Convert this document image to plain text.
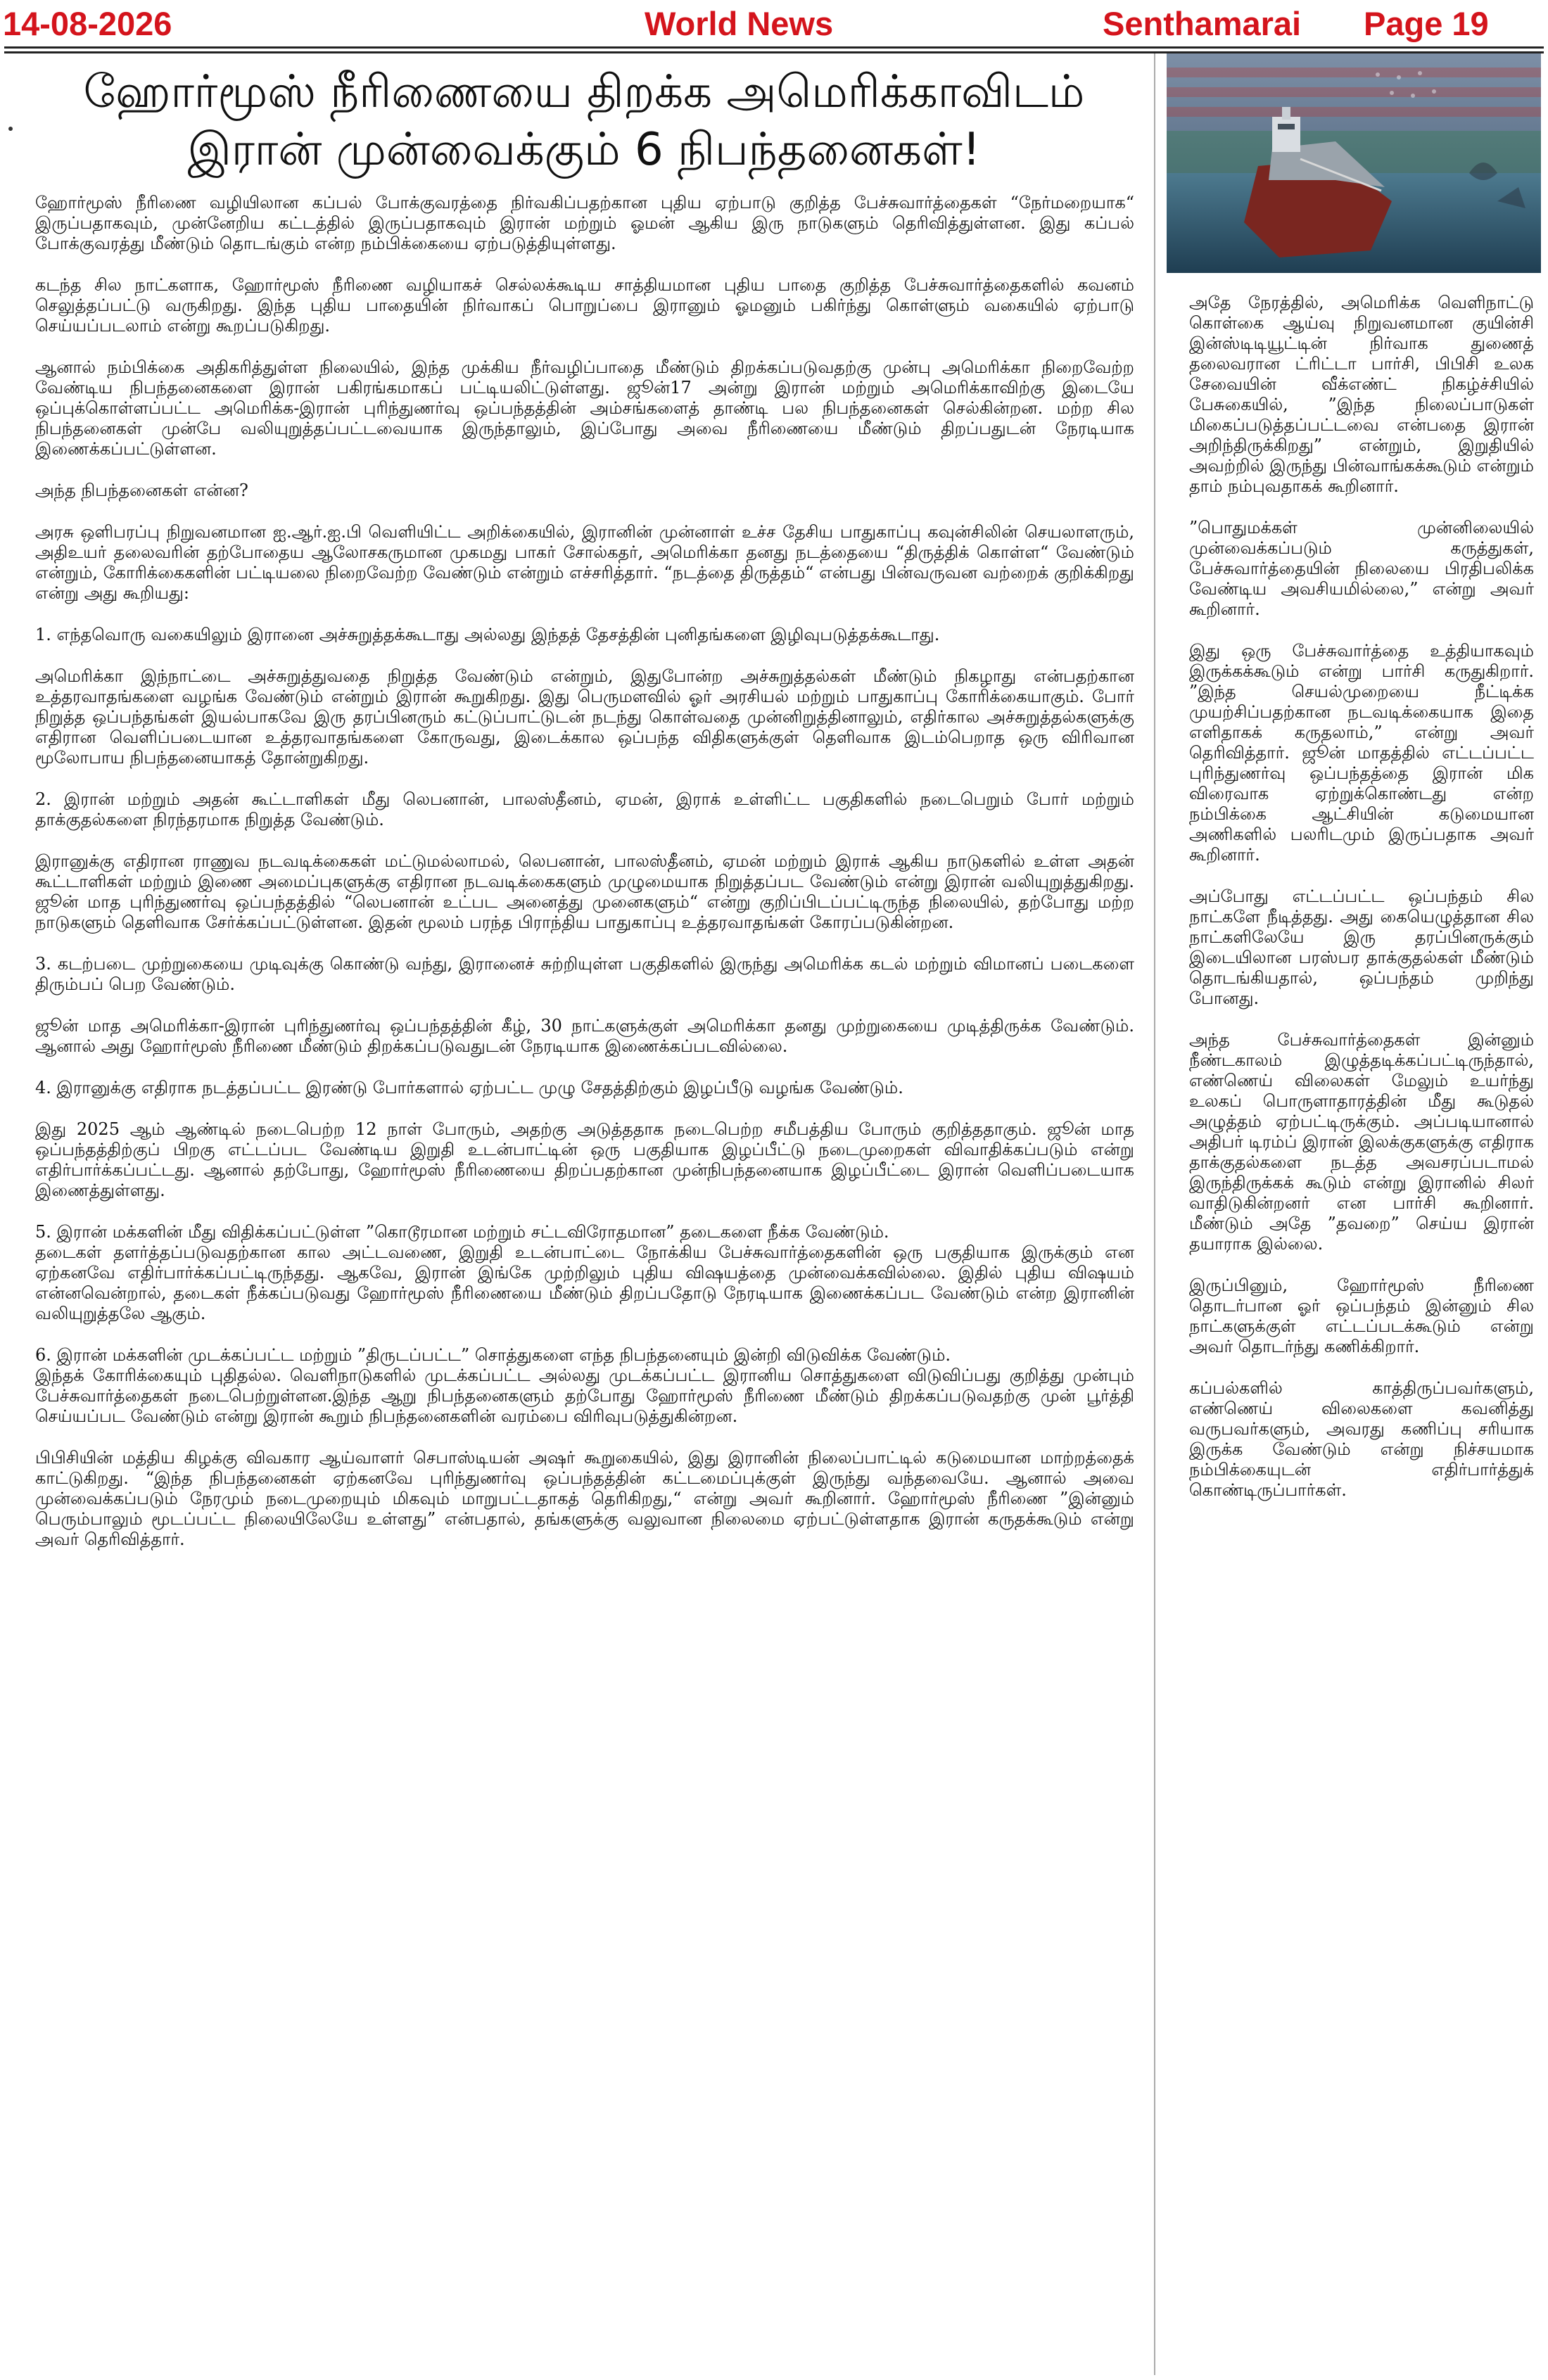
14-08-2026	World News	Senthamarai Page 19
ஹோர்மூஸ் நீரிணையை திறக்க அமெரிக்காவிடம்
இரான் முன்வைக்கும் 6 நிபந்தனைகள்!

ஹோர்மூஸ் நீரிணை வழியிலான கப்பல் போக்குவரத்தை நிர்வகிப்பதற்கான புதிய ஏற்பாடு குறித்த பேச்சுவார்த்தைகள் “நேர்மறையாக“ இருப்பதாகவும், முன்னேறிய கட்டத்தில் இருப்பதாகவும் இரான் மற்றும் ஓமன் ஆகிய இரு நாடுகளும் தெரிவித்துள்ளன. இது கப்பல் போக்குவரத்து மீண்டும் தொடங்கும் என்ற நம்பிக்கையை ஏற்படுத்தியுள்ளது.

கடந்த சில நாட்களாக, ஹோர்மூஸ் நீரிணை வழியாகச் செல்லக்கூடிய சாத்தியமான புதிய பாதை குறித்த பேச்சுவார்த்தைகளில் கவனம் செலுத்தப்பட்டு வருகிறது. இந்த புதிய பாதையின் நிர்வாகப் பொறுப்பை இரானும் ஓமனும் பகிர்ந்து கொள்ளும் வகையில் ஏற்பாடு செய்யப்படலாம் என்று கூறப்படுகிறது.

ஆனால் நம்பிக்கை அதிகரித்துள்ள நிலையில், இந்த முக்கிய நீர்வழிப்பாதை மீண்டும் திறக்கப்படுவதற்கு முன்பு அமெரிக்கா நிறைவேற்ற வேண்டிய நிபந்தனைகளை இரான் பகிரங்கமாகப் பட்டியலிட்டுள்ளது. ஜூன்17 அன்று இரான் மற்றும் அமெரிக்காவிற்கு இடையே ஒப்புக்கொள்ளப்பட்ட அமெரிக்க-இரான் புரிந்துணர்வு ஒப்பந்தத்தின் அம்சங்களைத் தாண்டி பல நிபந்தனைகள் செல்கின்றன. மற்ற சில நிபந்தனைகள் முன்பே வலியுறுத்தப்பட்டவையாக இருந்தாலும், இப்போது அவை நீரிணையை மீண்டும் திறப்பதுடன் நேரடியாக இணைக்கப்பட்டுள்ளன.

அந்த நிபந்தனைகள் என்ன?

அரசு ஒளிபரப்பு நிறுவனமான ஐ.ஆர்.ஐ.பி வெளியிட்ட அறிக்கையில், இரானின் முன்னாள் உச்ச தேசிய பாதுகாப்பு கவுன்சிலின் செயலாளரும், அதிஉயர் தலைவரின் தற்போதைய ஆலோசகருமான முகமது பாகர் சோல்கதர், அமெரிக்கா தனது நடத்தையை “திருத்திக் கொள்ள“ வேண்டும் என்றும், கோரிக்கைகளின் பட்டியலை நிறைவேற்ற வேண்டும் என்றும் எச்சரித்தார். “நடத்தை திருத்தம்“ என்பது பின்வருவன வற்றைக் குறிக்கிறது என்று அது கூறியது:

1. எந்தவொரு வகையிலும் இரானை அச்சுறுத்தக்கூடாது அல்லது இந்தத் தேசத்தின் புனிதங்களை இழிவுபடுத்தக்கூடாது.

அமெரிக்கா இந்நாட்டை அச்சுறுத்துவதை நிறுத்த வேண்டும் என்றும், இதுபோன்ற அச்சுறுத்தல்கள் மீண்டும் நிகழாது என்பதற்கான உத்தரவாதங்களை வழங்க வேண்டும் என்றும் இரான் கூறுகிறது. இது பெருமளவில் ஓர் அரசியல் மற்றும் பாதுகாப்பு கோரிக்கையாகும். போர் நிறுத்த ஒப்பந்தங்கள் இயல்பாகவே இரு தரப்பினரும் கட்டுப்பாட்டுடன் நடந்து கொள்வதை முன்னிறுத்தினாலும், எதிர்கால அச்சுறுத்தல்களுக்கு எதிரான வெளிப்படையான உத்தரவாதங்களை கோருவது, இடைக்கால ஒப்பந்த விதிகளுக்குள் தெளிவாக இடம்பெறாத ஒரு விரிவான மூலோபாய நிபந்தனையாகத் தோன்றுகிறது.

2. இரான் மற்றும் அதன் கூட்டாளிகள் மீது லெபனான், பாலஸ்தீனம், ஏமன், இராக் உள்ளிட்ட பகுதிகளில் நடைபெறும் போர் மற்றும் தாக்குதல்களை நிரந்தரமாக நிறுத்த வேண்டும்.

இரானுக்கு எதிரான ராணுவ நடவடிக்கைகள் மட்டுமல்லாமல், லெபனான், பாலஸ்தீனம், ஏமன் மற்றும் இராக் ஆகிய நாடுகளில் உள்ள அதன் கூட்டாளிகள் மற்றும் இணை அமைப்புகளுக்கு எதிரான நடவடிக்கைகளும் முழுமையாக நிறுத்தப்பட வேண்டும் என்று இரான் வலியுறுத்துகிறது. ஜூன் மாத புரிந்துணர்வு ஒப்பந்தத்தில் “லெபனான் உட்பட அனைத்து முனைகளும்“ என்று குறிப்பிடப்பட்டிருந்த நிலையில், தற்போது மற்ற நாடுகளும் தெளிவாக சேர்க்கப்பட்டுள்ளன. இதன் மூலம் பரந்த பிராந்திய பாதுகாப்பு உத்தரவாதங்கள் கோரப்படுகின்றன.

3. கடற்படை முற்றுகையை முடிவுக்கு கொண்டு வந்து, இரானைச் சுற்றியுள்ள பகுதிகளில் இருந்து அமெரிக்க கடல் மற்றும் விமானப் படைகளை திரும்பப் பெற வேண்டும்.

ஜூன் மாத அமெரிக்கா-இரான் புரிந்துணர்வு ஒப்பந்தத்தின் கீழ், 30 நாட்களுக்குள் அமெரிக்கா தனது முற்றுகையை முடித்திருக்க வேண்டும். ஆனால் அது ஹோர்மூஸ் நீரிணை மீண்டும் திறக்கப்படுவதுடன் நேரடியாக இணைக்கப்படவில்லை.

4. இரானுக்கு எதிராக நடத்தப்பட்ட இரண்டு போர்களால் ஏற்பட்ட முழு சேதத்திற்கும் இழப்பீடு வழங்க வேண்டும்.

இது 2025 ஆம் ஆண்டில் நடைபெற்ற 12 நாள் போரும், அதற்கு அடுத்ததாக நடைபெற்ற சமீபத்திய போரும் குறித்ததாகும். ஜூன் மாத ஒப்பந்தத்திற்குப் பிறகு எட்டப்பட வேண்டிய இறுதி உடன்பாட்டின் ஒரு பகுதியாக இழப்பீட்டு நடைமுறைகள் விவாதிக்கப்படும் என்று எதிர்பார்க்கப்பட்டது. ஆனால் தற்போது, ஹோர்மூஸ் நீரிணையை திறப்பதற்கான முன்நிபந்தனையாக இழப்பீட்டை இரான் வெளிப்படையாக இணைத்துள்ளது.

5. இரான் மக்களின் மீது விதிக்கப்பட்டுள்ள ”கொடூரமான மற்றும் சட்டவிரோதமான” தடைகளை நீக்க வேண்டும்.
தடைகள் தளர்த்தப்படுவதற்கான கால அட்டவணை, இறுதி உடன்பாட்டை நோக்கிய பேச்சுவார்த்தைகளின் ஒரு பகுதியாக இருக்கும் என ஏற்கனவே எதிர்பார்க்கப்பட்டிருந்தது. ஆகவே, இரான் இங்கே முற்றிலும் புதிய விஷயத்தை முன்வைக்கவில்லை. இதில் புதிய விஷயம் என்னவென்றால், தடைகள் நீக்கப்படுவது ஹோர்மூஸ் நீரிணையை மீண்டும் திறப்பதோடு நேரடியாக இணைக்கப்பட வேண்டும் என்ற இரானின் வலியுறுத்தலே ஆகும்.

6. இரான் மக்களின் முடக்கப்பட்ட மற்றும் ”திருடப்பட்ட” சொத்துகளை எந்த நிபந்தனையும் இன்றி விடுவிக்க வேண்டும்.
இந்தக் கோரிக்கையும் புதிதல்ல. வெளிநாடுகளில் முடக்கப்பட்ட அல்லது முடக்கப்பட்ட இரானிய சொத்துகளை விடுவிப்பது குறித்து முன்பும் பேச்சுவார்த்தைகள் நடைபெற்றுள்ளன.இந்த ஆறு நிபந்தனைகளும் தற்போது ஹோர்மூஸ் நீரிணை மீண்டும் திறக்கப்படுவதற்கு முன் பூர்த்தி செய்யப்பட வேண்டும் என்று இரான் கூறும் நிபந்தனைகளின் வரம்பை விரிவுபடுத்துகின்றன.

பிபிசியின் மத்திய கிழக்கு விவகார ஆய்வாளர் செபாஸ்டியன் அஷர் கூறுகையில், இது இரானின் நிலைப்பாட்டில் கடுமையான மாற்றத்தைக் காட்டுகிறது. “இந்த நிபந்தனைகள் ஏற்கனவே புரிந்துணர்வு ஒப்பந்தத்தின் கட்டமைப்புக்குள் இருந்து வந்தவையே. ஆனால் அவை முன்வைக்கப்படும் நேரமும் நடைமுறையும் மிகவும் மாறுபட்டதாகத் தெரிகிறது,“ என்று அவர் கூறினார். ஹோர்மூஸ் நீரிணை ”இன்னும் பெரும்பாலும் மூடப்பட்ட நிலையிலேயே உள்ளது” என்பதால், தங்களுக்கு வலுவான நிலைமை ஏற்பட்டுள்ளதாக இரான் கருதக்கூடும் என்று அவர் தெரிவித்தார்.

அதே நேரத்தில், அமெரிக்க வெளிநாட்டு கொள்கை ஆய்வு நிறுவனமான குயின்சி இன்ஸ்டிடியூட்டின் நிர்வாக துணைத் தலைவரான ட்ரிட்டா பார்சி, பிபிசி உலக சேவையின் வீக்எண்ட் நிகழ்ச்சியில் பேசுகையில், ”இந்த நிலைப்பாடுகள் மிகைப்படுத்தப்பட்டவை என்பதை இரான் அறிந்திருக்கிறது” என்றும், இறுதியில் அவற்றில் இருந்து பின்வாங்கக்கூடும் என்றும் தாம் நம்புவதாகக் கூறினார்.

”பொதுமக்கள் முன்னிலையில் முன்வைக்கப்படும் கருத்துகள், பேச்சுவார்த்தையின் நிலையை பிரதிபலிக்க வேண்டிய அவசியமில்லை,” என்று அவர் கூறினார்.

இது ஒரு பேச்சுவார்த்தை உத்தியாகவும் இருக்கக்கூடும் என்று பார்சி கருதுகிறார். ”இந்த செயல்முறையை நீட்டிக்க முயற்சிப்பதற்கான நடவடிக்கையாக இதை எளிதாகக் கருதலாம்,” என்று அவர் தெரிவித்தார். ஜூன் மாதத்தில் எட்டப்பட்ட புரிந்துணர்வு ஒப்பந்தத்தை இரான் மிக விரைவாக ஏற்றுக்கொண்டது என்ற நம்பிக்கை ஆட்சியின் கடுமையான அணிகளில் பலரிடமும் இருப்பதாக அவர் கூறினார்.

அப்போது எட்டப்பட்ட ஒப்பந்தம் சில நாட்களே நீடித்தது. அது கையெழுத்தான சில நாட்களிலேயே இரு தரப்பினருக்கும் இடையிலான பரஸ்பர தாக்குதல்கள் மீண்டும் தொடங்கியதால், ஒப்பந்தம் முறிந்து போனது.

அந்த பேச்சுவார்த்தைகள் இன்னும் நீண்டகாலம் இழுத்தடிக்கப்பட்டிருந்தால், எண்ணெய் விலைகள் மேலும் உயர்ந்து உலகப் பொருளாதாரத்தின் மீது கூடுதல் அழுத்தம் ஏற்பட்டிருக்கும். அப்படியானால் அதிபர் டிரம்ப் இரான் இலக்குகளுக்கு எதிராக தாக்குதல்களை நடத்த அவசரப்படாமல் இருந்திருக்கக் கூடும் என்று இரானில் சிலர் வாதிடுகின்றனர் என பார்சி கூறினார். மீண்டும் அதே ”தவறை” செய்ய இரான் தயாராக இல்லை.

இருப்பினும், ஹோர்மூஸ் நீரிணை தொடர்பான ஓர் ஒப்பந்தம் இன்னும் சில நாட்களுக்குள் எட்டப்படக்கூடும் என்று அவர் தொடர்ந்து கணிக்கிறார்.

கப்பல்களில் காத்திருப்பவர்களும், எண்ணெய் விலைகளை கவனித்து வருபவர்களும், அவரது கணிப்பு சரியாக இருக்க வேண்டும் என்று நிச்சயமாக நம்பிக்கையுடன் எதிர்பார்த்துக் கொண்டிருப்பார்கள்.
